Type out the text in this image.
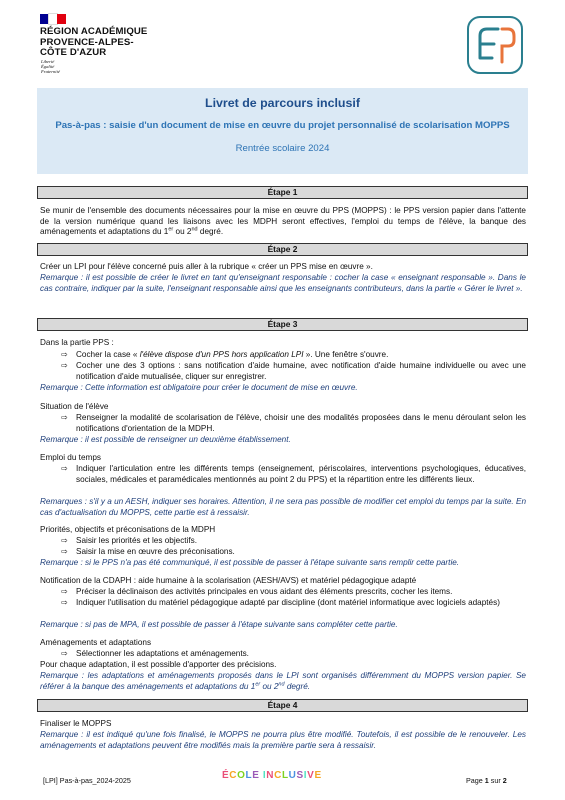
RÉGION ACADÉMIQUE
PROVENCE-ALPES-
CÔTE D'AZUR
Liberté
Égalité
Fraternité
Livret de parcours inclusif
Pas-à-pas : saisie d'un document de mise en œuvre du projet personnalisé de scolarisation MOPPS
Rentrée scolaire 2024
Étape 1
Se munir de l'ensemble des documents nécessaires pour la mise en œuvre du PPS (MOPPS) : le PPS version papier dans l'attente de la version numérique quand les liaisons avec les MDPH seront effectives, l'emploi du temps de l'élève, la banque des aménagements et adaptations du 1er ou 2nd degré.
Étape 2
Créer un LPI pour l'élève concerné puis aller à la rubrique « créer un PPS mise en œuvre ».
Remarque : il est possible de créer le livret en tant qu'enseignant responsable : cocher la case « enseignant responsable ». Dans le cas contraire, indiquer par la suite, l'enseignant responsable ainsi que les enseignants contributeurs, dans la partie « Gérer le livret ».
Étape 3
Dans la partie PPS :
⇨ Cocher la case « l'élève dispose d'un PPS hors application LPI ». Une fenêtre s'ouvre.
⇨ Cocher une des 3 options : sans notification d'aide humaine, avec notification d'aide humaine individuelle ou avec une notification d'aide mutualisée, cliquer sur enregistrer.
Remarque : Cette information est obligatoire pour créer le document de mise en œuvre.
Situation de l'élève
⇨ Renseigner la modalité de scolarisation de l'élève, choisir une des modalités proposées dans le menu déroulant selon les notifications d'orientation de la MDPH.
Remarque : il est possible de renseigner un deuxième établissement.
Emploi du temps
⇨ Indiquer l'articulation entre les différents temps (enseignement, périscolaires, interventions psychologiques, éducatives, sociales, médicales et paramédicales mentionnés au point 2 du PPS) et la répartition entre les différents lieux.
Remarques : s'il y a un AESH, indiquer ses horaires. Attention, il ne sera pas possible de modifier cet emploi du temps par la suite. En cas d'actualisation du MOPPS, cette partie est à ressaisir.
Priorités, objectifs et préconisations de la MDPH
⇨ Saisir les priorités et les objectifs.
⇨ Saisir la mise en œuvre des préconisations.
Remarque : si le PPS n'a pas été communiqué, il est possible de passer à l'étape suivante sans remplir cette partie.
Notification de la CDAPH : aide humaine à la scolarisation (AESH/AVS) et matériel pédagogique adapté
⇨ Préciser la déclinaison des activités principales en vous aidant des éléments prescrits, cocher les items.
⇨ Indiquer l'utilisation du matériel pédagogique adapté par discipline (dont matériel informatique avec logiciels adaptés)
Remarque : si pas de MPA, il est possible de passer à l'étape suivante sans compléter cette partie.
Aménagements et adaptations
⇨ Sélectionner les adaptations et aménagements.
Pour chaque adaptation, il est possible d'apporter des précisions.
Remarque : les adaptations et aménagements proposés dans le LPI sont organisés différemment du MOPPS version papier. Se référer à la banque des aménagements et adaptations du 1er ou 2nd degré.
Étape 4
Finaliser le MOPPS
Remarque : il est indiqué qu'une fois finalisé, le MOPPS ne pourra plus être modifié. Toutefois, il est possible de le renouveler. Les aménagements et adaptations peuvent être modifiés mais la première partie sera à ressaisir.
[LPI] Pas-à-pas_2024-2025	ÉCOLE INCLUSIVE	Page 1 sur 2
